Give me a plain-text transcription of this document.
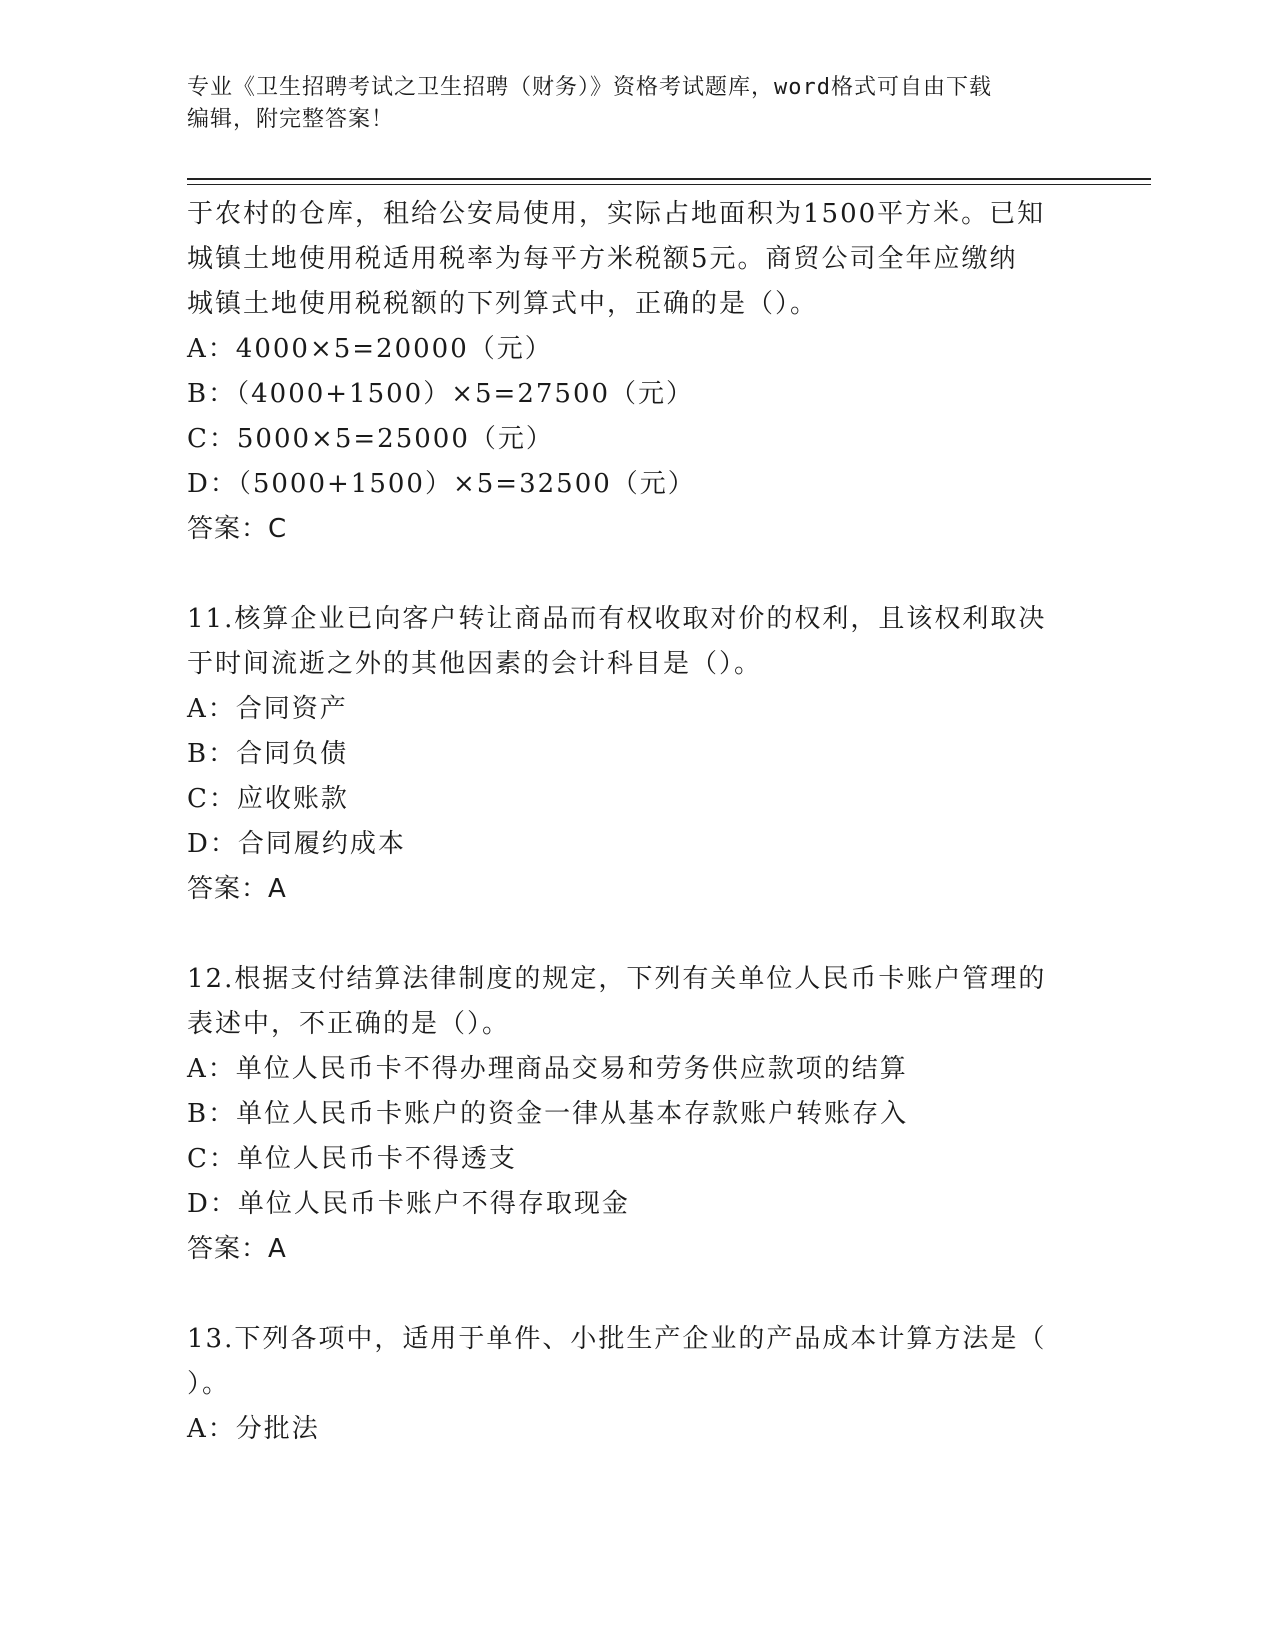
专业《卫生招聘考试之卫生招聘（财务）》资格考试题库，word格式可自由下载
编辑，附完整答案！
于农村的仓库，租给公安局使用，实际占地面积为1500平方米。已知
城镇土地使用税适用税率为每平方米税额5元。商贸公司全年应缴纳
城镇土地使用税税额的下列算式中，正确的是（）。
A：4000×5=20000（元）
B：（4000+1500）×5=27500（元）
C：5000×5=25000（元）
D：（5000+1500）×5=32500（元）
答案：C
11.核算企业已向客户转让商品而有权收取对价的权利，且该权利取决
于时间流逝之外的其他因素的会计科目是（）。
A：合同资产
B：合同负债
C：应收账款
D：合同履约成本
答案：A
12.根据支付结算法律制度的规定，下列有关单位人民币卡账户管理的
表述中，不正确的是（）。
A：单位人民币卡不得办理商品交易和劳务供应款项的结算
B：单位人民币卡账户的资金一律从基本存款账户转账存入
C：单位人民币卡不得透支
D：单位人民币卡账户不得存取现金
答案：A
13.下列各项中，适用于单件、小批生产企业的产品成本计算方法是（
）。
A：分批法
